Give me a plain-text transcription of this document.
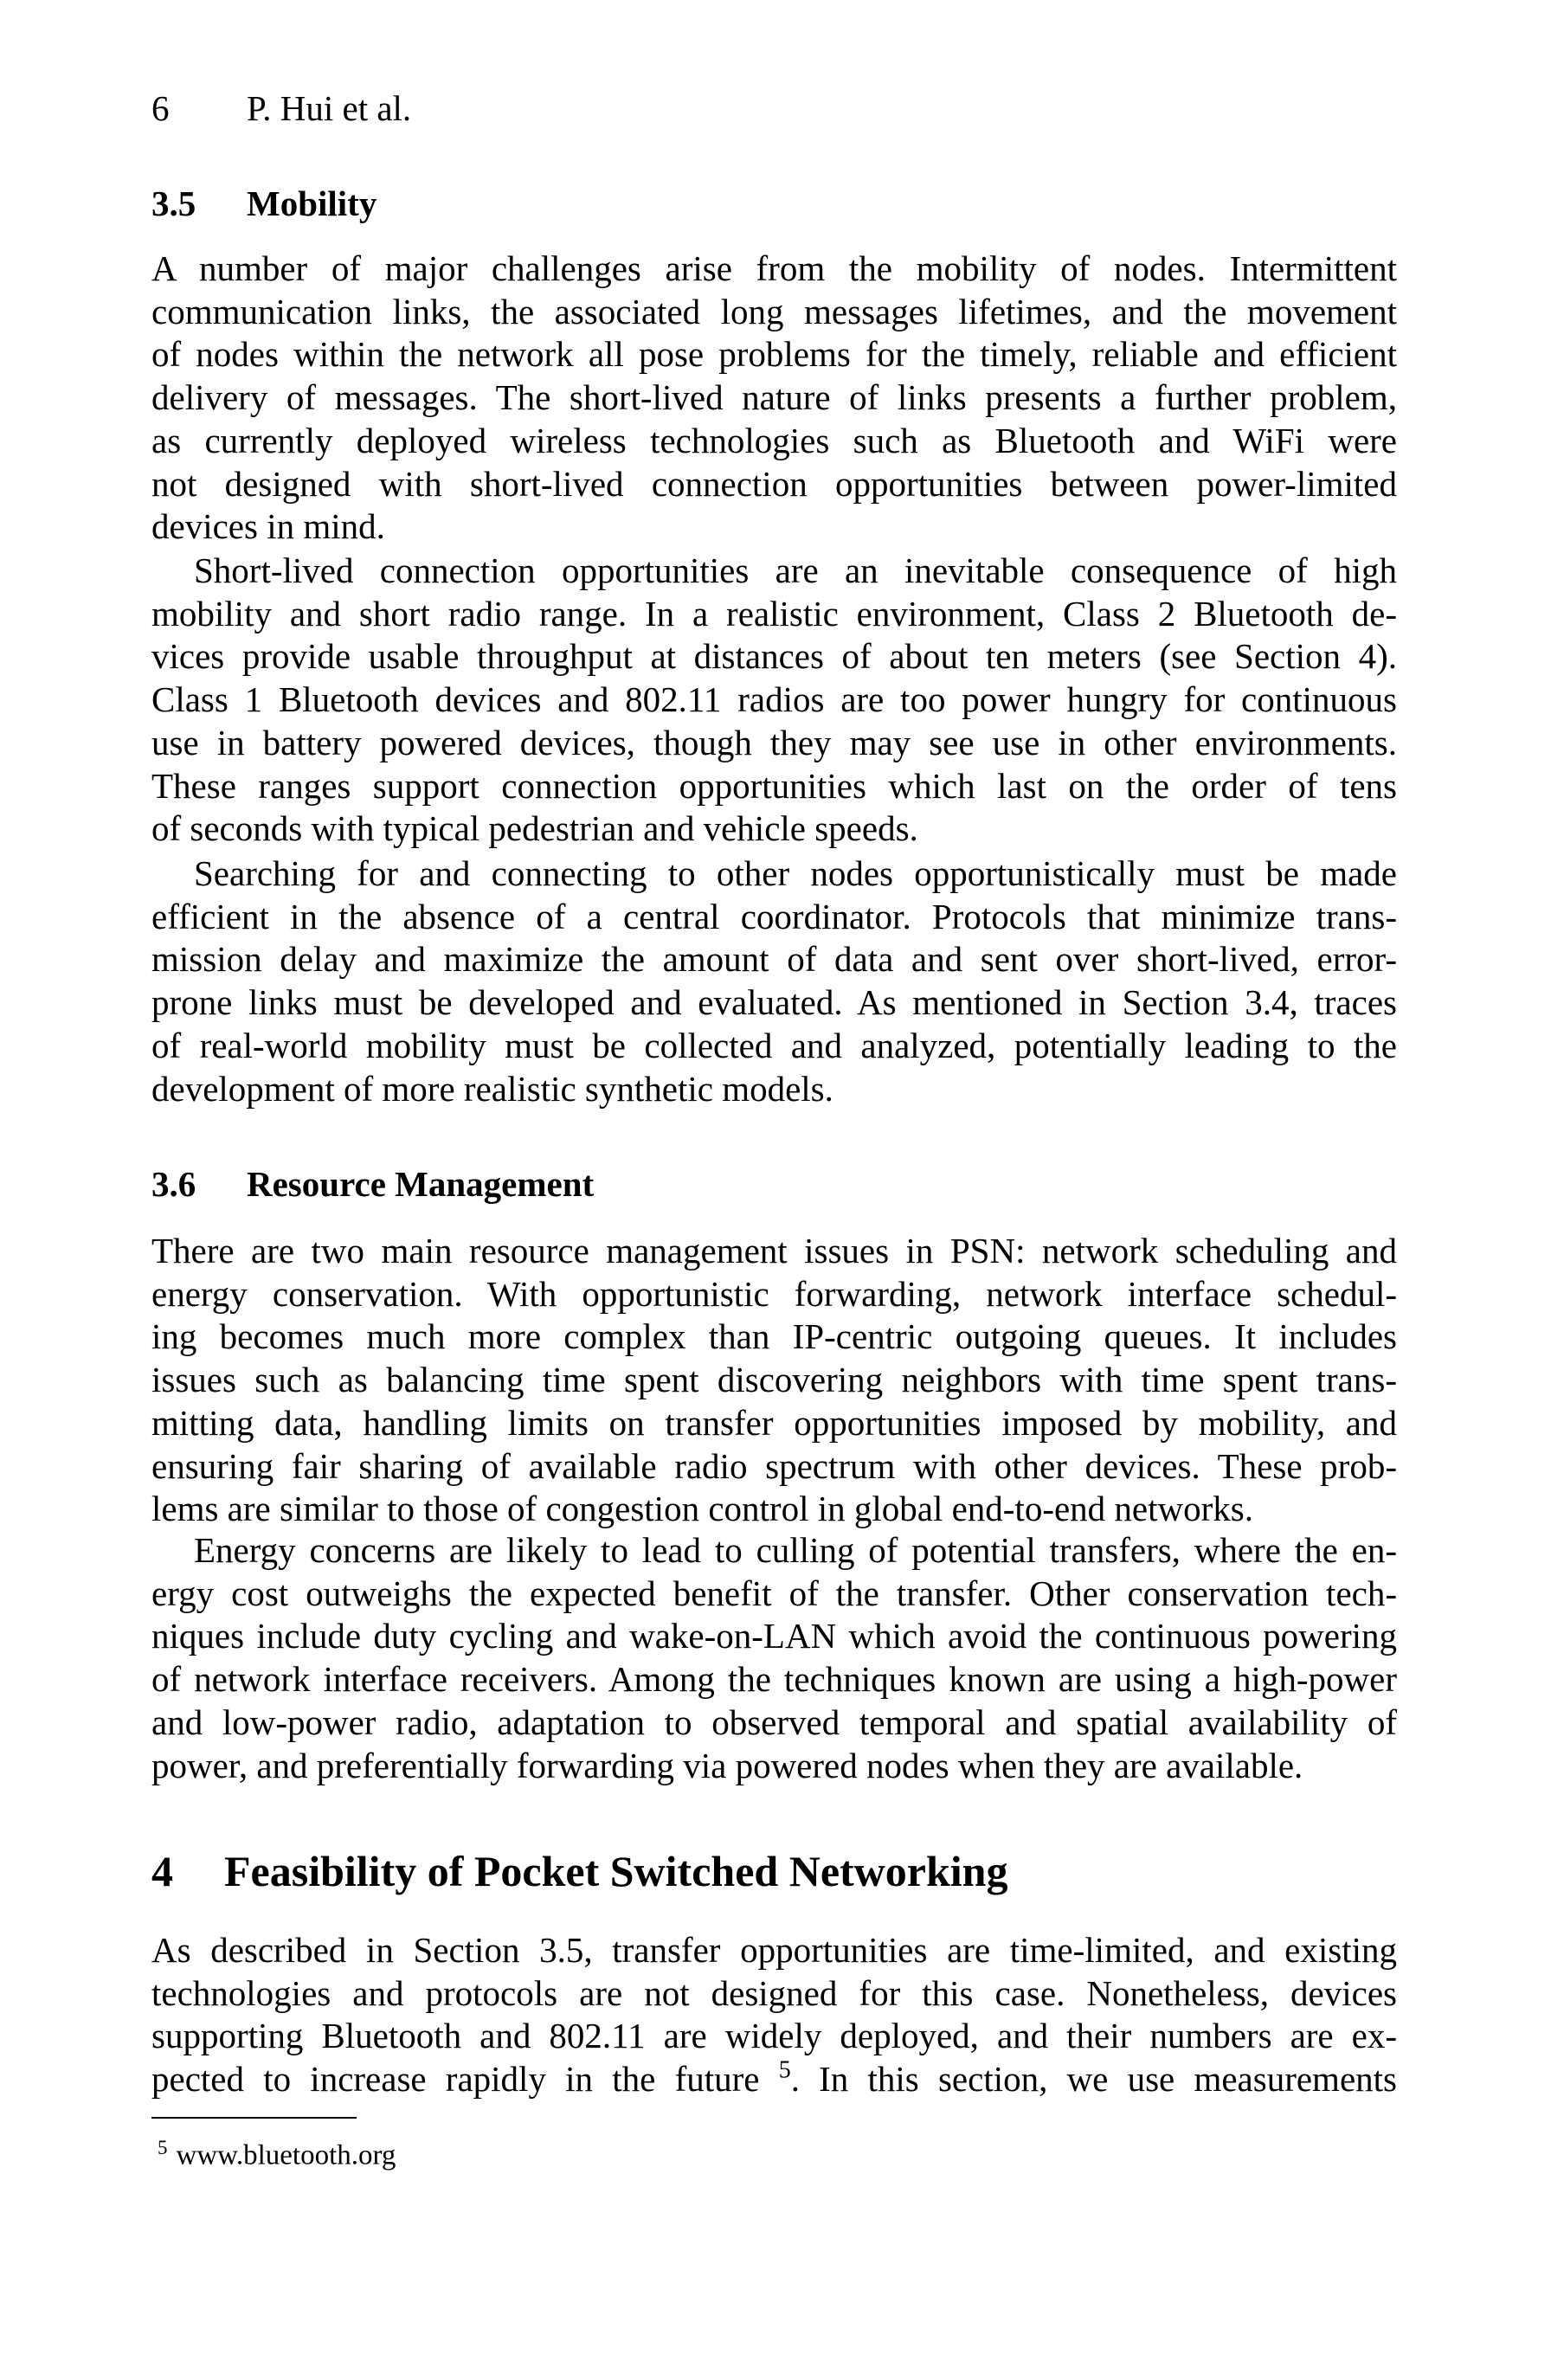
6 P. Hui et al.
3.5 Mobility
A number of major challenges arise from the mobility of nodes. Intermittent
communication links, the associated long messages lifetimes, and the movement
of nodes within the network all pose problems for the timely, reliable and efficient
delivery of messages. The short-lived nature of links presents a further problem,
as currently deployed wireless technologies such as Bluetooth and WiFi were
not designed with short-lived connection opportunities between power-limited
devices in mind.
Short-lived connection opportunities are an inevitable consequence of high
mobility and short radio range. In a realistic environment, Class 2 Bluetooth de-
vices provide usable throughput at distances of about ten meters (see Section 4).
Class 1 Bluetooth devices and 802.11 radios are too power hungry for continuous
use in battery powered devices, though they may see use in other environments.
These ranges support connection opportunities which last on the order of tens
of seconds with typical pedestrian and vehicle speeds.
Searching for and connecting to other nodes opportunistically must be made
efficient in the absence of a central coordinator. Protocols that minimize trans-
mission delay and maximize the amount of data and sent over short-lived, error-
prone links must be developed and evaluated. As mentioned in Section 3.4, traces
of real-world mobility must be collected and analyzed, potentially leading to the
development of more realistic synthetic models.
3.6 Resource Management
There are two main resource management issues in PSN: network scheduling and
energy conservation. With opportunistic forwarding, network interface schedul-
ing becomes much more complex than IP-centric outgoing queues. It includes
issues such as balancing time spent discovering neighbors with time spent trans-
mitting data, handling limits on transfer opportunities imposed by mobility, and
ensuring fair sharing of available radio spectrum with other devices. These prob-
lems are similar to those of congestion control in global end-to-end networks.
Energy concerns are likely to lead to culling of potential transfers, where the en-
ergy cost outweighs the expected benefit of the transfer. Other conservation tech-
niques include duty cycling and wake-on-LAN which avoid the continuous powering
of network interface receivers. Among the techniques known are using a high-power
and low-power radio, adaptation to observed temporal and spatial availability of
power, and preferentially forwarding via powered nodes when they are available.
4 Feasibility of Pocket Switched Networking
As described in Section 3.5, transfer opportunities are time-limited, and existing
technologies and protocols are not designed for this case. Nonetheless, devices
supporting Bluetooth and 802.11 are widely deployed, and their numbers are ex-
pected to increase rapidly in the future $^5$. In this section, we use measurements
$^5$ www.bluetooth.org
